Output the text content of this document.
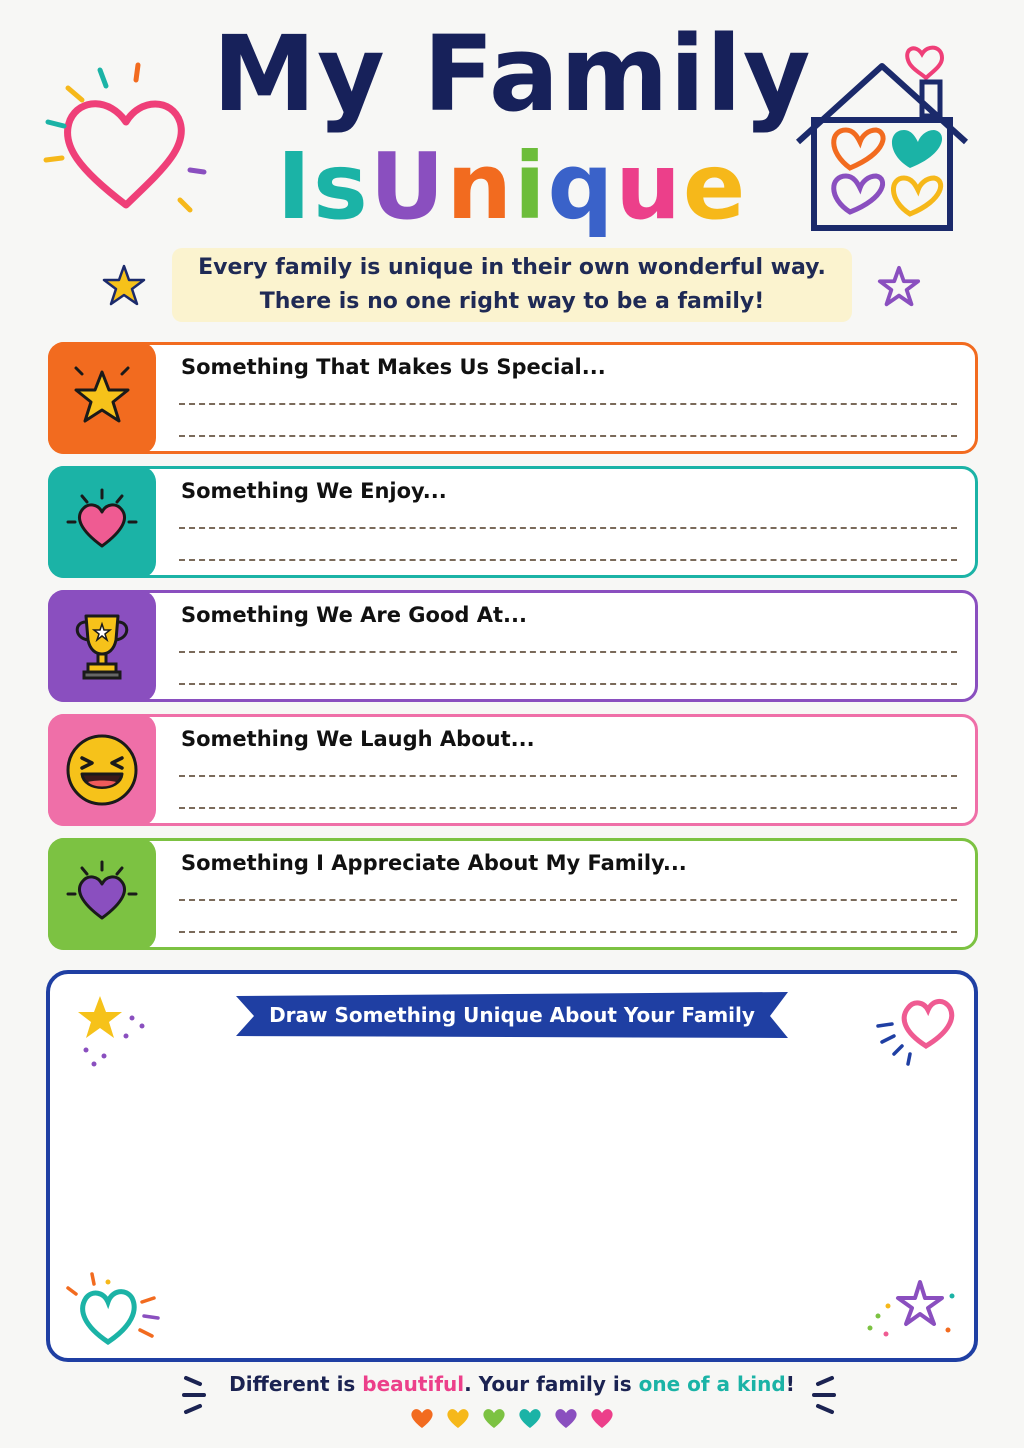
My Family
IsUnique
Every family is unique in their own wonderful way.
There is no one right way to be a family!
Something That Makes Us Special...
Something We Enjoy...
Something We Are Good At...
Something We Laugh About...
Something I Appreciate About My Family...
Draw Something Unique About Your Family
Different is beautiful. Your family is one of a kind!
